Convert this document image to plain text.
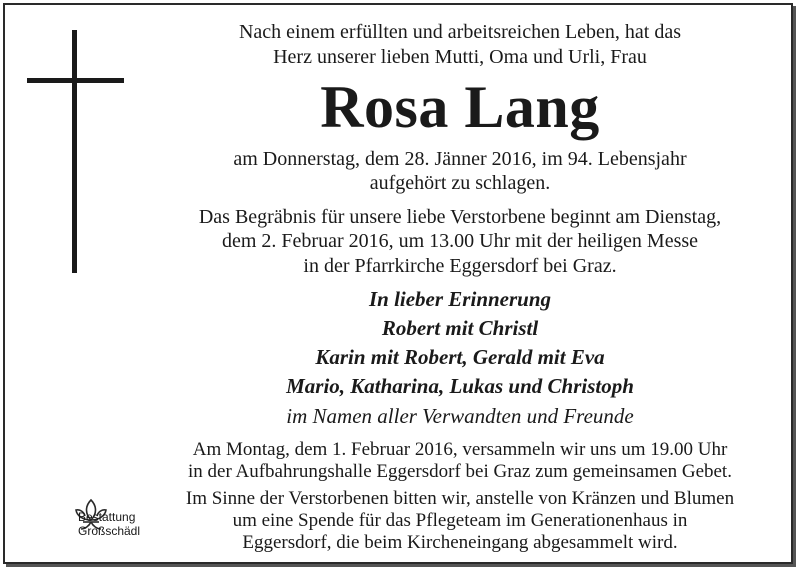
Nach einem erfüllten und arbeitsreichen Leben, hat das
Herz unserer lieben Mutti, Oma und Urli, Frau
Rosa Lang
am Donnerstag, dem 28. Jänner 2016, im 94. Lebensjahr
aufgehört zu schlagen.
Das Begräbnis für unsere liebe Verstorbene beginnt am Dienstag,
dem 2. Februar 2016, um 13.00 Uhr mit der heiligen Messe
in der Pfarrkirche Eggersdorf bei Graz.
In lieber Erinnerung
Robert mit Christl
Karin mit Robert, Gerald mit Eva
Mario, Katharina, Lukas und Christoph
im Namen aller Verwandten und Freunde
Am Montag, dem 1. Februar 2016, versammeln wir uns um 19.00 Uhr
in der Aufbahrungshalle Eggersdorf bei Graz zum gemeinsamen Gebet.
Im Sinne der Verstorbenen bitten wir, anstelle von Kränzen und Blumen
um eine Spende für das Pflegeteam im Generationenhaus in
Eggersdorf, die beim Kircheneingang abgesammelt wird.
Bestattung
Großschädl
